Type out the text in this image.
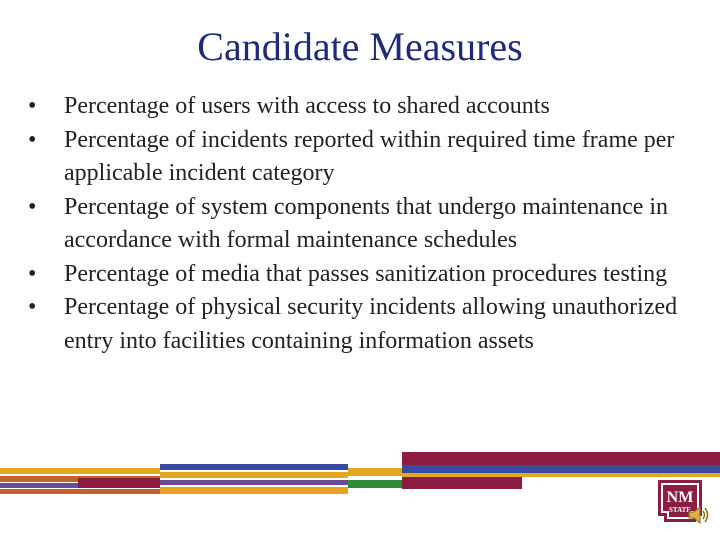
Candidate Measures
•	Percentage of users with access to shared accounts
•	Percentage of incidents reported within required time frame per applicable incident category
•	Percentage of system components that undergo maintenance in accordance with formal maintenance schedules
•	Percentage of media that passes sanitization procedures testing
•	Percentage of physical security incidents allowing unauthorized entry into facilities containing information assets
NM
STATE
